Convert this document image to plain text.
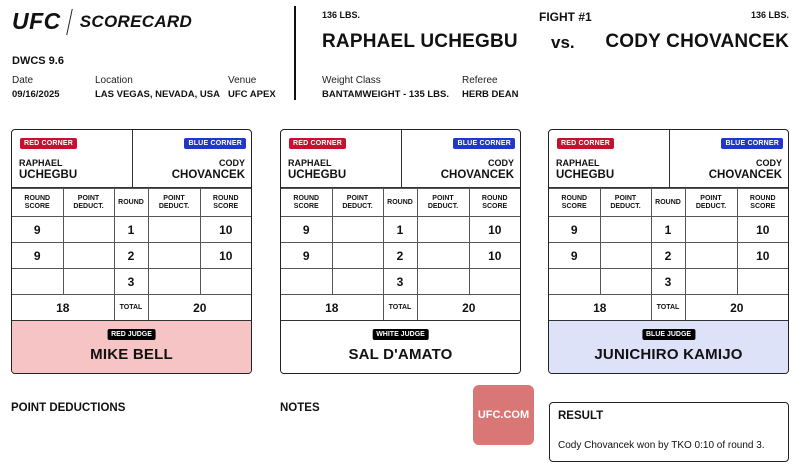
UFC SCORECARD
DWCS 9.6
Date
09/16/2025
Location
LAS VEGAS, NEVADA, USA
Venue
UFC APEX
136 LBS.
RAPHAEL UCHEGBU
FIGHT #1
vs.
136 LBS.
CODY CHOVANCEK
Weight Class
BANTAMWEIGHT - 135 LBS.
Referee
HERB DEAN
RED CORNER	BLUE CORNER
RAPHAEL
UCHEGBU
CODY
CHOVANCEK
ROUND SCORE	POINT DEDUCT.	ROUND	POINT DEDUCT.	ROUND SCORE
9		1		10
9		2		10
		3		
18		TOTAL	20	
RED JUDGE
MIKE BELL
RED CORNER	BLUE CORNER
RAPHAEL
UCHEGBU
CODY
CHOVANCEK
ROUND SCORE	POINT DEDUCT.	ROUND	POINT DEDUCT.	ROUND SCORE
9		1		10
9		2		10
		3		
18		TOTAL	20	
WHITE JUDGE
SAL D'AMATO
RED CORNER	BLUE CORNER
RAPHAEL
UCHEGBU
CODY
CHOVANCEK
ROUND SCORE	POINT DEDUCT.	ROUND	POINT DEDUCT.	ROUND SCORE
9		1		10
9		2		10
		3		
18		TOTAL	20	
BLUE JUDGE
JUNICHIRO KAMIJO
POINT DEDUCTIONS	NOTES
UFC.COM	RESULT
Cody Chovancek won by TKO 0:10 of round 3.
